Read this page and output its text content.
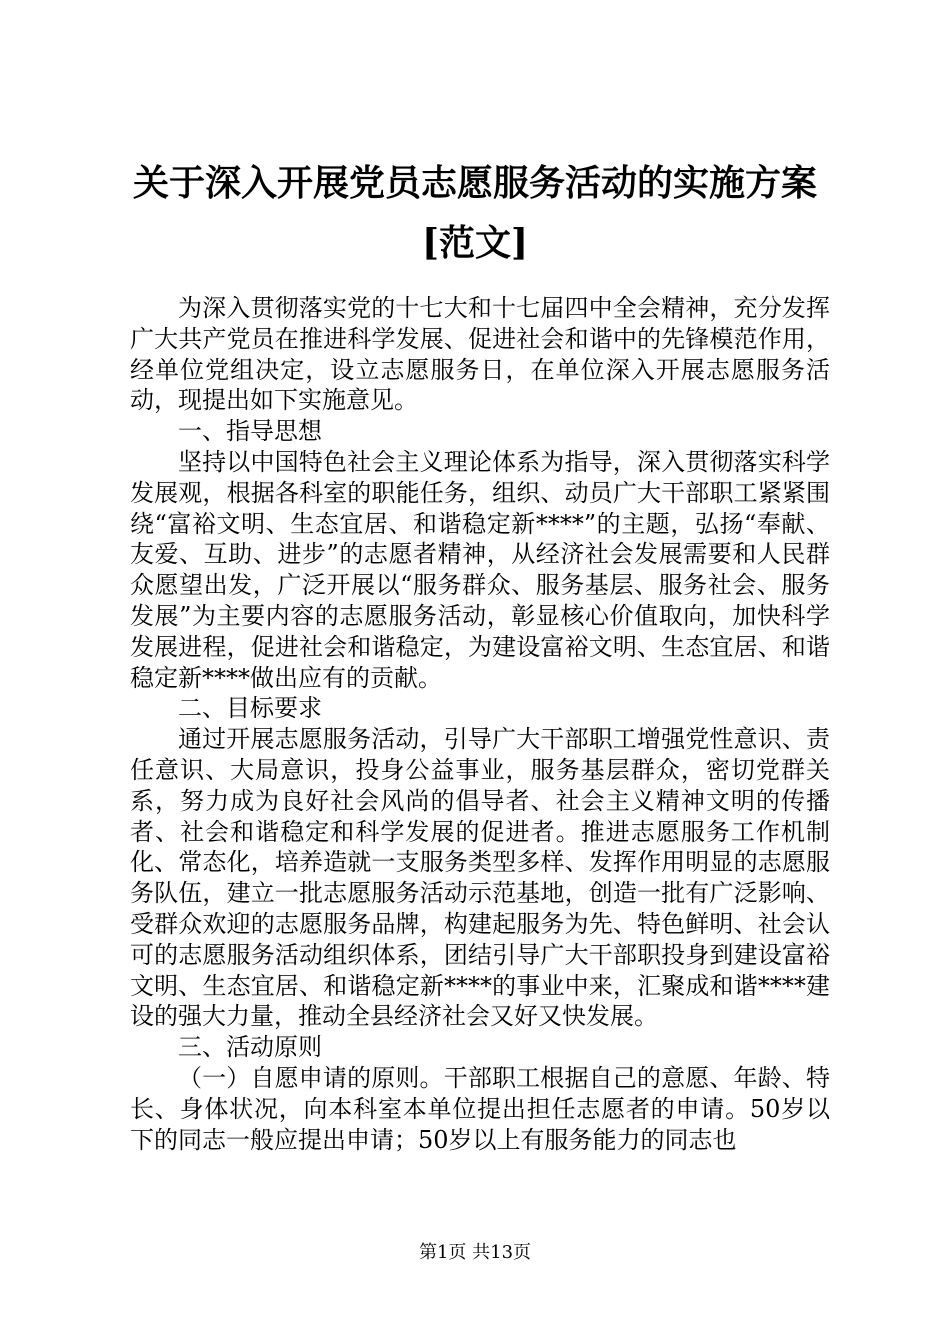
关于深入开展党员志愿服务活动的实施方案
[范文]

为深入贯彻落实党的十七大和十七届四中全会精神，充分发挥广大共产党员在推进科学发展、促进社会和谐中的先锋模范作用，经单位党组决定，设立志愿服务日，在单位深入开展志愿服务活动，现提出如下实施意见。

一、指导思想

坚持以中国特色社会主义理论体系为指导，深入贯彻落实科学发展观，根据各科室的职能任务，组织、动员广大干部职工紧紧围绕“富裕文明、生态宜居、和谐稳定新****”的主题，弘扬“奉献、友爱、互助、进步”的志愿者精神，从经济社会发展需要和人民群众愿望出发，广泛开展以“服务群众、服务基层、服务社会、服务发展”为主要内容的志愿服务活动，彰显核心价值取向，加快科学发展进程，促进社会和谐稳定，为建设富裕文明、生态宜居、和谐稳定新****做出应有的贡献。

二、目标要求

通过开展志愿服务活动，引导广大干部职工增强党性意识、责任意识、大局意识，投身公益事业，服务基层群众，密切党群关系，努力成为良好社会风尚的倡导者、社会主义精神文明的传播者、社会和谐稳定和科学发展的促进者。推进志愿服务工作机制化、常态化，培养造就一支服务类型多样、发挥作用明显的志愿服务队伍，建立一批志愿服务活动示范基地，创造一批有广泛影响、受群众欢迎的志愿服务品牌，构建起服务为先、特色鲜明、社会认可的志愿服务活动组织体系，团结引导广大干部职投身到建设富裕文明、生态宜居、和谐稳定新****的事业中来，汇聚成和谐****建设的强大力量，推动全县经济社会又好又快发展。

三、活动原则

（一）自愿申请的原则。干部职工根据自己的意愿、年龄、特长、身体状况，向本科室本单位提出担任志愿者的申请。50岁以下的同志一般应提出申请；50岁以上有服务能力的同志也

第1页 共13页
